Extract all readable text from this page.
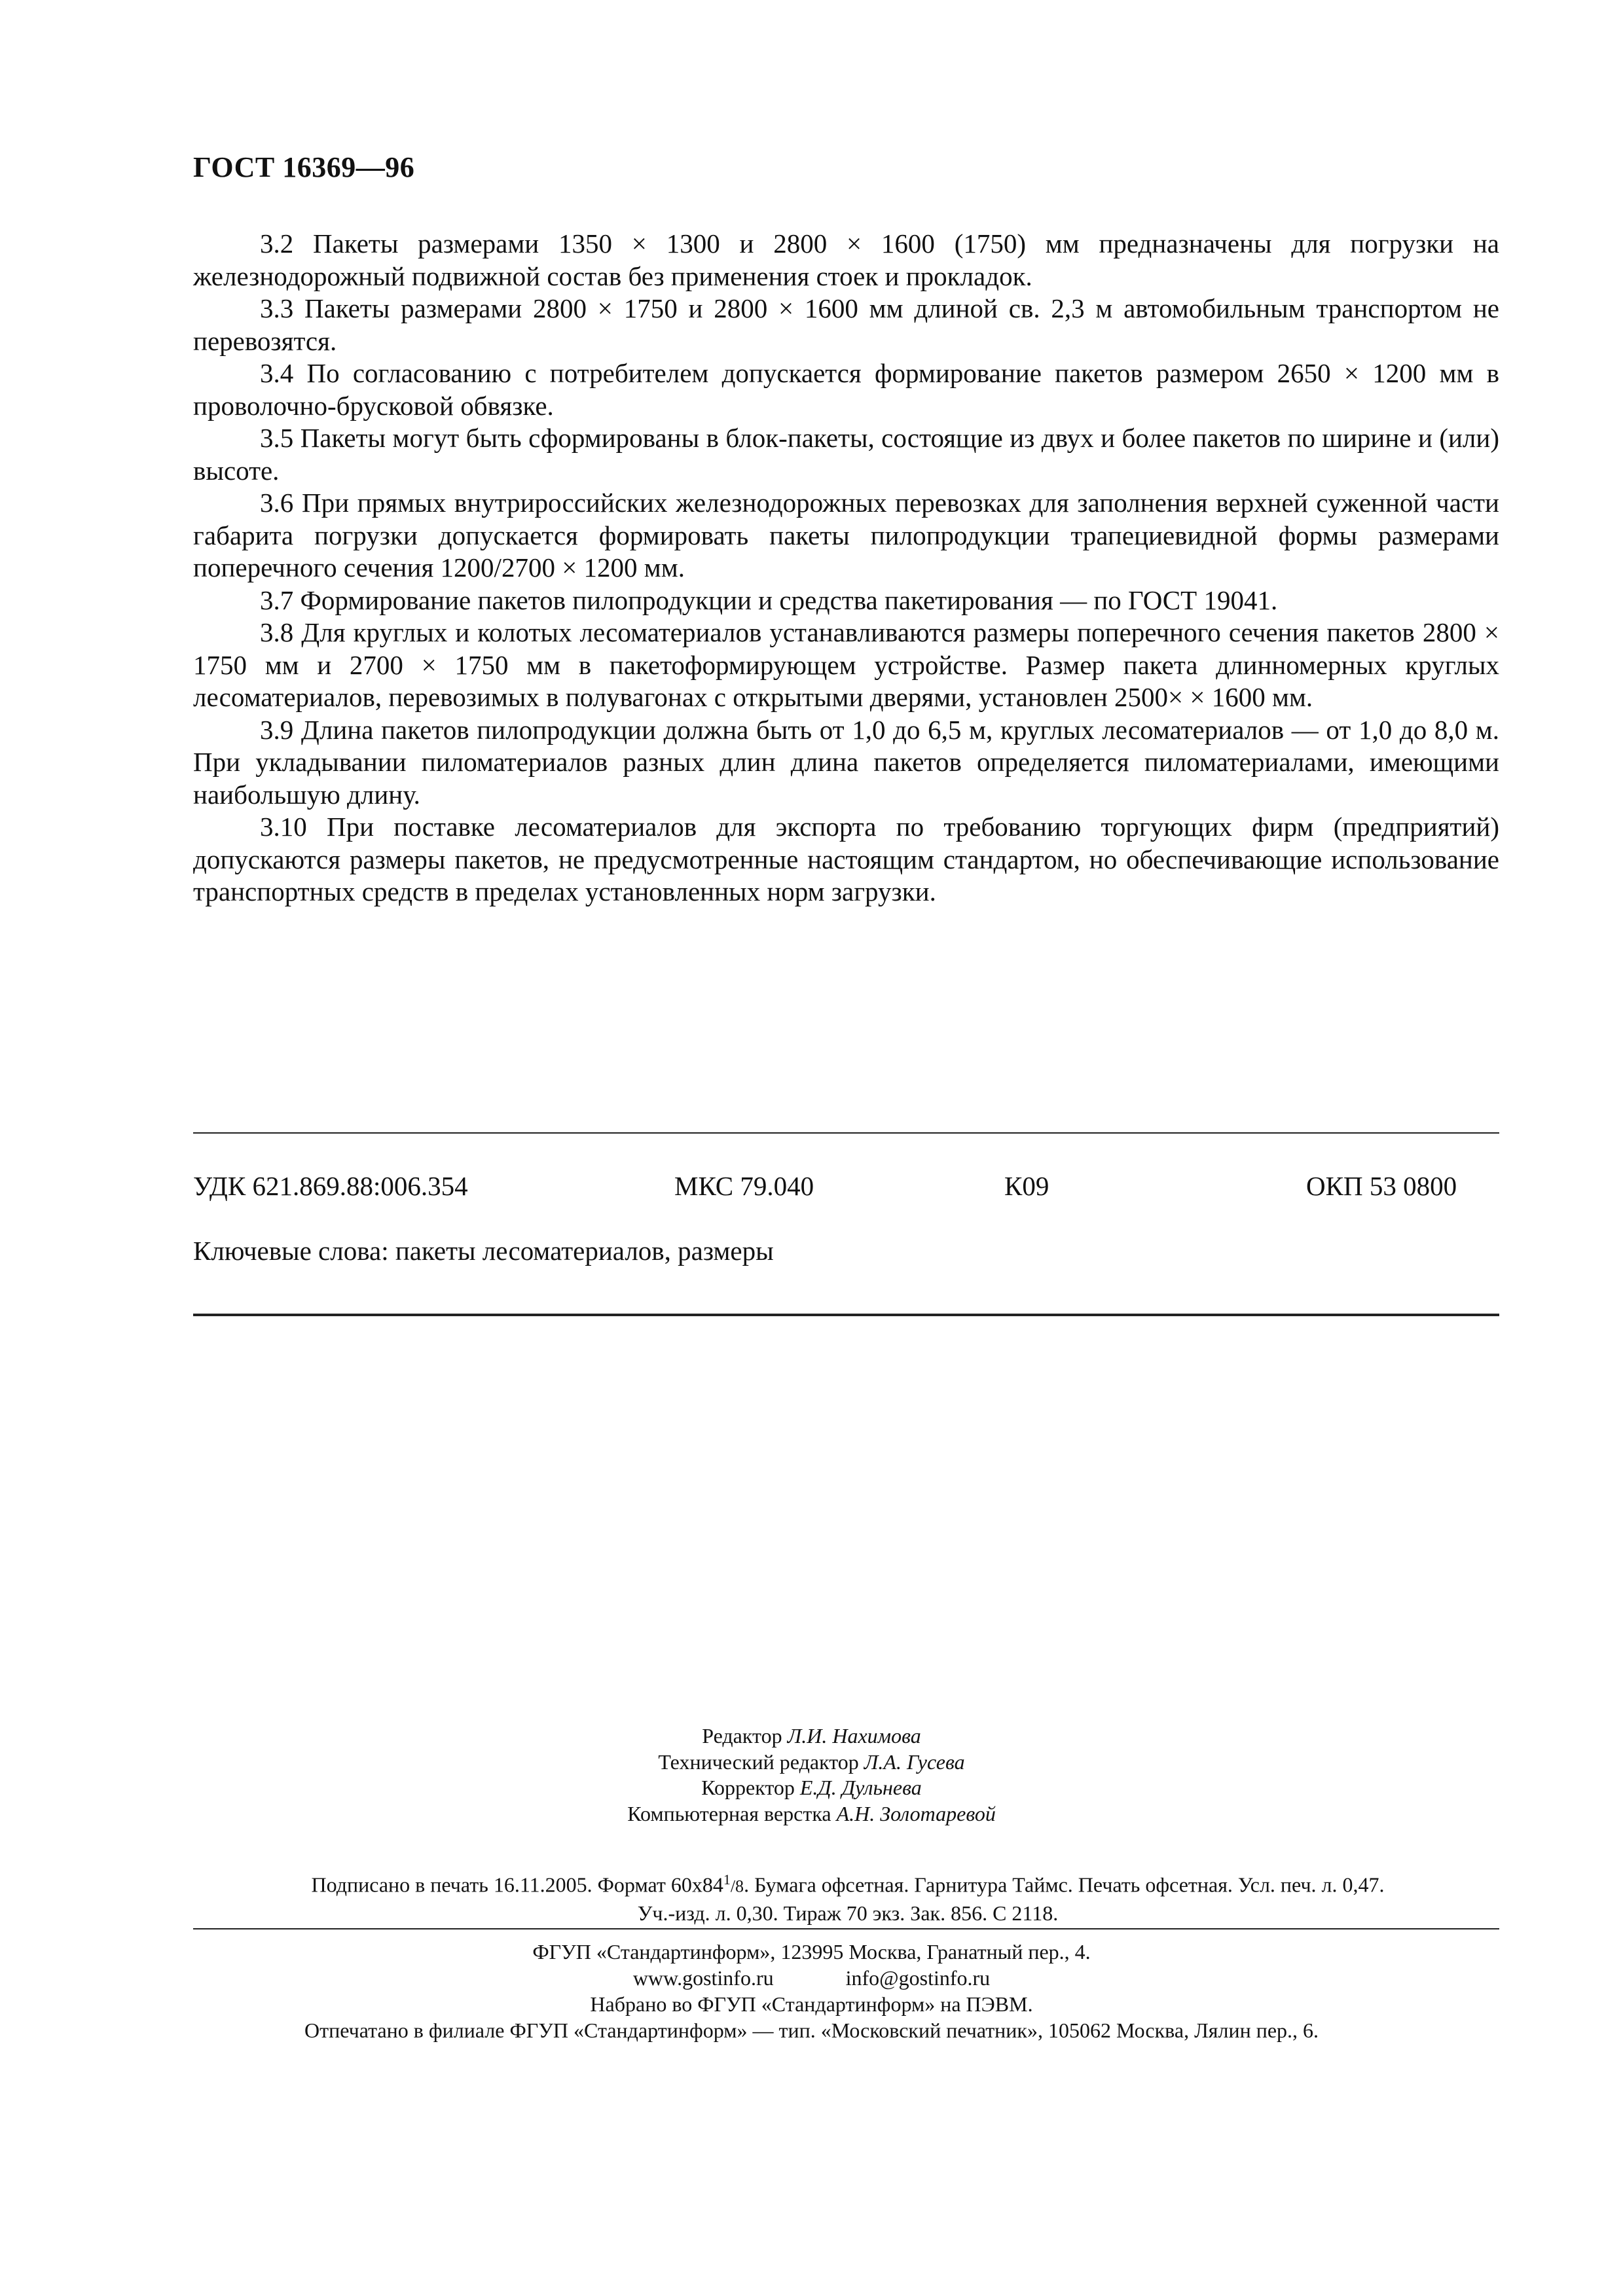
ГОСТ 16369—96

3.2 Пакеты размерами 1350 × 1300 и 2800 × 1600 (1750) мм предназначены для погрузки на железнодорожный подвижной состав без применения стоек и прокладок.

3.3 Пакеты размерами 2800 × 1750 и 2800 × 1600 мм длиной св. 2,3 м автомобильным транспортом не перевозятся.

3.4 По согласованию с потребителем допускается формирование пакетов размером 2650 × 1200 мм в проволочно-брусковой обвязке.

3.5 Пакеты могут быть сформированы в блок-пакеты, состоящие из двух и более пакетов по ширине и (или) высоте.

3.6 При прямых внутрироссийских железнодорожных перевозках для заполнения верхней суженной части габарита погрузки допускается формировать пакеты пилопродукции трапециевидной формы размерами поперечного сечения 1200/2700 × 1200 мм.

3.7 Формирование пакетов пилопродукции и средства пакетирования — по ГОСТ 19041.

3.8 Для круглых и колотых лесоматериалов устанавливаются размеры поперечного сечения пакетов 2800 × 1750 мм и 2700 × 1750 мм в пакетоформирующем устройстве. Размер пакета длинномерных круглых лесоматериалов, перевозимых в полувагонах с открытыми дверями, установлен 2500× × 1600 мм.

3.9 Длина пакетов пилопродукции должна быть от 1,0 до 6,5 м, круглых лесоматериалов — от 1,0 до 8,0 м. При укладывании пиломатериалов разных длин длина пакетов определяется пиломатериалами, имеющими наибольшую длину.

3.10 При поставке лесоматериалов для экспорта по требованию торгующих фирм (предприятий) допускаются размеры пакетов, не предусмотренные настоящим стандартом, но обеспечивающие использование транспортных средств в пределах установленных норм загрузки.

УДК 621.869.88:006.354	МКС 79.040	К09	ОКП 53 0800
Ключевые слова: пакеты лесоматериалов, размеры
Редактор Л.И. Нахимова
Технический редактор Л.А. Гусева
Корректор Е.Д. Дульнева
Компьютерная верстка А.Н. Золотаревой
Подписано в печать 16.11.2005. Формат $60x84^1/8$. Бумага офсетная. Гарнитура Таймс. Печать офсетная. Усл. печ. л. 0,47.
Уч.-изд. л. 0,30. Тираж 70 экз. Зак. 856. С 2118.
ФГУП «Стандартинформ», 123995 Москва, Гранатный пер., 4.
www.gostinfo.ru	info@gostinfo.ru
Набрано во ФГУП «Стандартинформ» на ПЭВМ.
Отпечатано в филиале ФГУП «Стандартинформ» — тип. «Московский печатник», 105062 Москва, Лялин пер., 6.
